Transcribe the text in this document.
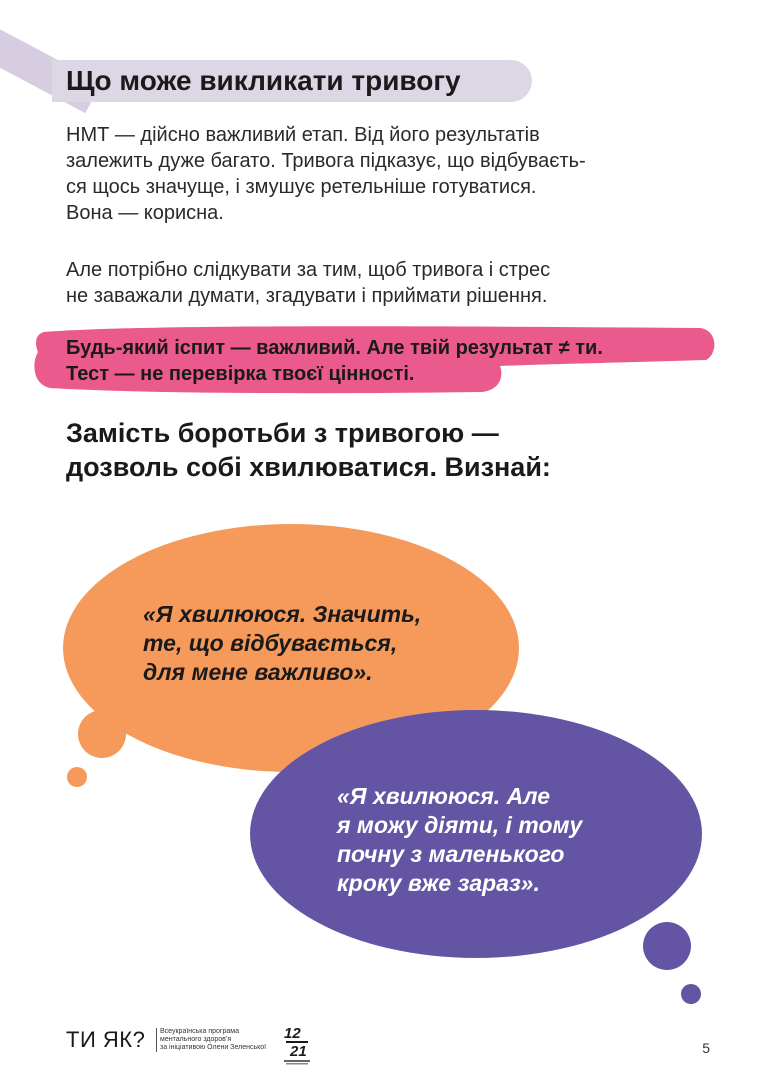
Що може викликати тривогу

НМТ — дійсно важливий етап. Від його результатів
залежить дуже багато. Тривога підказує, що відбуваєть-
ся щось значуще, і змушує ретельніше готуватися.
Вона — корисна.

Але потрібно слідкувати за тим, щоб тривога і стрес
не заважали думати, згадувати і приймати рішення.

Будь-який іспит — важливий. Але твій результат ≠ ти.
Тест — не перевірка твоєї цінності.

Замість боротьби з тривогою —
дозволь собі хвилюватися. Визнай:

«Я хвилююся. Значить,
те, що відбувається,
для мене важливо».

«Я хвилююся. Але
я можу діяти, і тому
почну з маленького
кроку вже зараз».

ТИ ЯК? Всеукраїнська програма
ментального здоров’я
за ініціативою Олени Зеленської

12
21	5
